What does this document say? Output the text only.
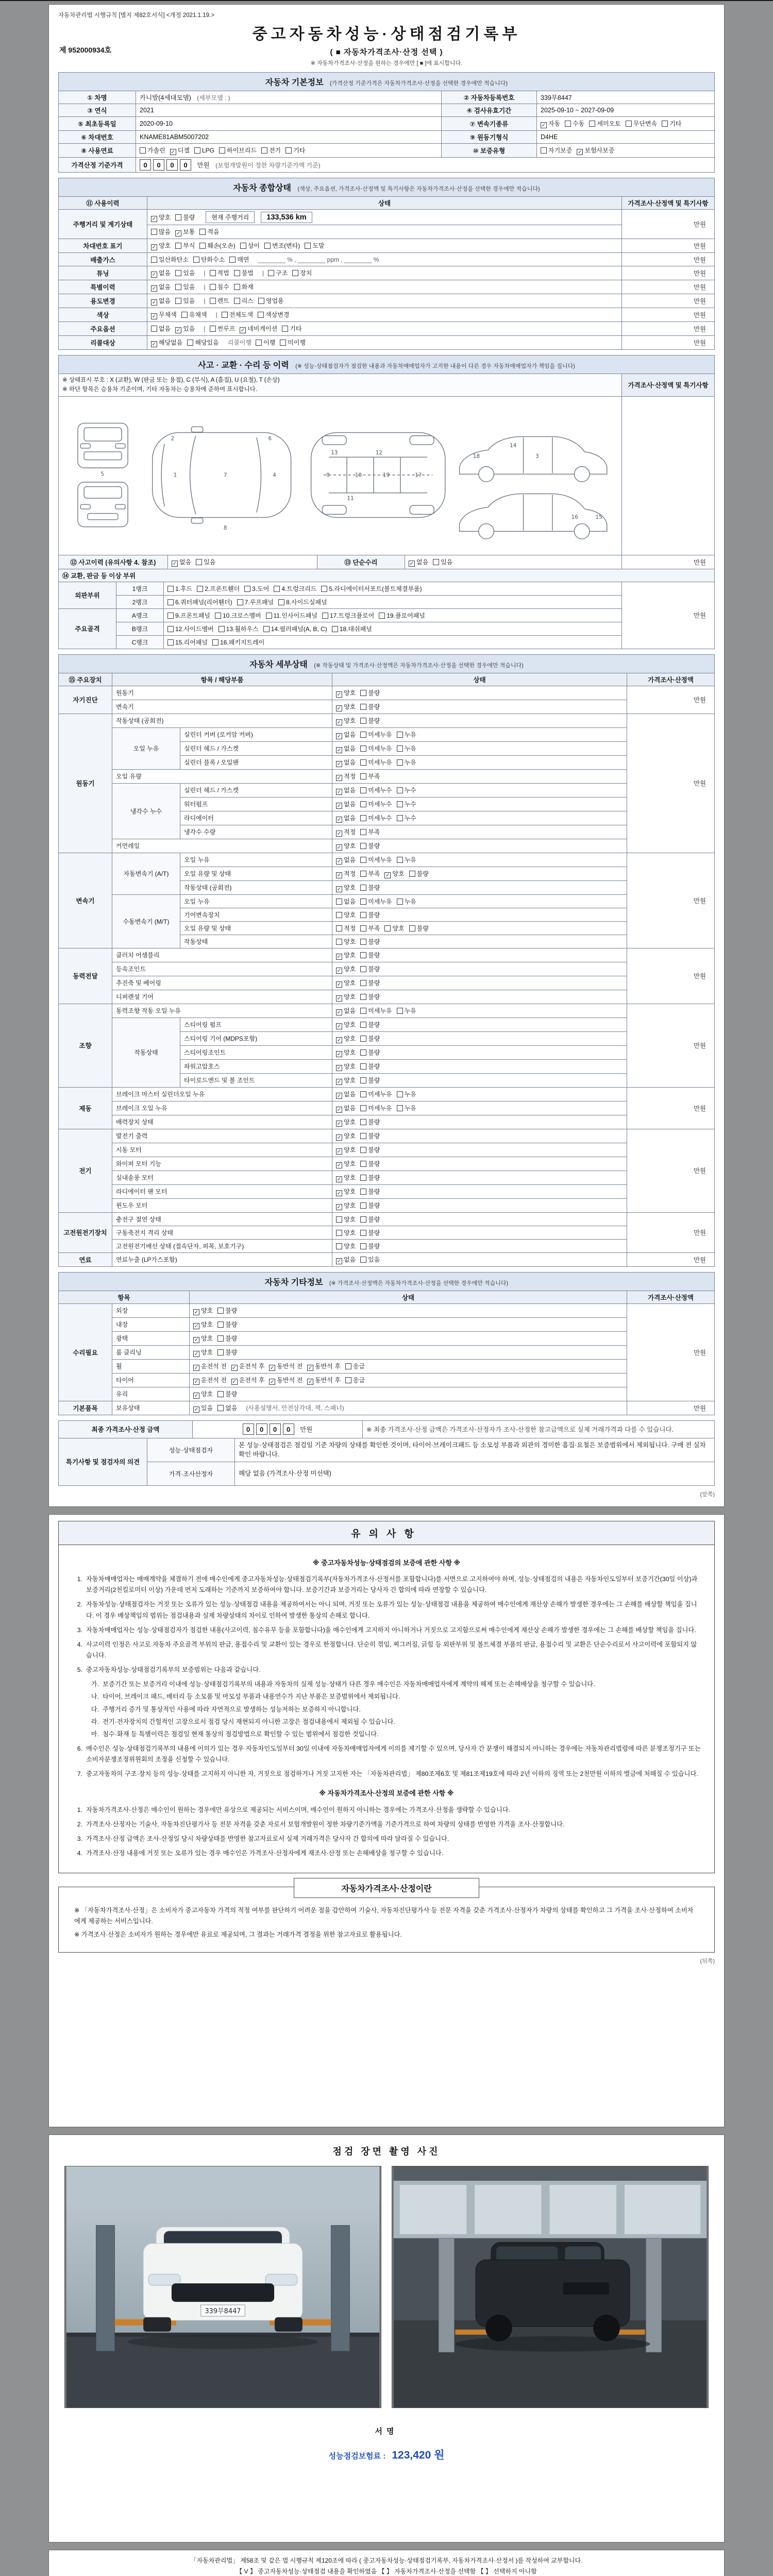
자동차관리법 시행규칙 [별지 제82호서식] <개정 2021.1.19.>
제 952000934호
중고자동차성능·상태점검기록부
( ■ 자동차가격조사·산정 선택 )
※ 자동차가격조사·산정을 원하는 경우에만 [ ■ ]에 표시합니다.
자동차 기본정보 (가격산정 기준가격은 자동차가격조사·산정을 선택한 경우에만 적습니다)
① 차명	카니발(4세대모델) (세부모델 : )	② 자동차등록번호	339무8447
③ 연식	2021	④ 검사유효기간	2025-09-10 ~ 2027-09-09
⑤ 최초등록일	2020-09-10	⑦ 변속기종류	✓자동 수동 세미오토 무단변속 기타
⑥ 차대번호	KNAME81ABM5007202	⑨ 원동기형식	D4HE
⑧ 사용연료	가솔린 ✓ 디젤 LPG 하이브리드 전기 기타	⑩ 보증유형	자기보증 ✓ 보험사보증
가격산정 기준가격	0 0 0 0 만원 (보험개발원이 정한 차량기준가액 기준)		
자동차 종합상태 (색상, 주요옵션, 가격조사·산정액 및 특기사항은 자동차가격조사·산정을 선택한 경우에만 적습니다)
⑪ 사용이력	상태	가격조사·산정액 및 특기사항
주행거리 및 계기상태	✓양호 불량 현재 주행거리 133,536 km	만원
	많음 ✓ 보통 적음
차대번호 표기	✓양호 부식 훼손(오손) 상이 변조(변타) 도말	만원
배출가스	일산화탄소 탄화수소 매연 ________ % , ________ ppm , ________ %	만원
튜닝	✓없음 있음 | 적법 불법 | 구조 장치	만원
특별이력	✓없음 있음 | 침수 화재	만원
용도변경	✓없음 있음 | 렌트 리스 영업용	만원
색상	✓무채색 유채색 | 전체도색 색상변경	만원
주요옵션	없음 ✓ 있음 | 썬루프 ✓ 네비게이션 기타	만원
리콜대상	✓해당없음 해당있음 리콜이행 이행 미이행	만원
사고 · 교환 · 수리 등 이력 (※ 성능·상태점검자가 점검한 내용과 자동차매매업자가 고지한 내용이 다른 경우 자동차매매업자가 책임을 집니다)
※ 상태표시 부호 : X (교환), W (판금 또는 용접), C (부식), A (흠집), U (요철), T (손상)
※ 하단 항목은 승용차 기준이며, 기타 자동차는 승용차에 준하여 표시합니다.				가격조사·산정액 및 특기사항

5	1
2	6
7	4
8
9	10	19	17
12
13
11
14
3
18
15
16

⑫ 사고이력 (유의사항 4. 참조)	✓없음 있음	⑬ 단순수리	✓없음 있음	만원
⑭ 교환, 판금 등 이상 부위			
외판부위	1랭크	1.후드 2.프론트휀더 3.도어 4.트렁크리드 5.라디에이터서포트(볼트체결부품)	만원
	2랭크	6.쿼터패널(리어휀더) 7.루프패널 8.사이드실패널	
주요골격	A랭크	9.프론트패널 10.크로스멤버 11.인사이드패널 17.트렁크플로어 19.플로어패널	
	B랭크	12.사이드멤버 13.휠하우스 14.필러패널(A, B, C) 18.대쉬패널	
	C랭크	15.리어패널 16.패키지트레이	
자동차 세부상태 (※ 작동상태 및 가격조사·산정액은 자동차가격조사·산정을 선택한 경우에만 적습니다)
⑮ 주요장치	항목 / 해당부품		상태	가격조사·산정액
자기진단	원동기	✓양호 불량	만원
	변속기	✓양호 불량
원동기	작동상태 (공회전)	✓양호 불량	만원
	오일 누유	실린더 커버 (로커암 커버)	✓없음 미세누유 누유
		실린더 헤드 / 가스켓	✓없음 미세누유 누유
		실린더 블록 / 오일팬	✓없음 미세누유 누유
	오일 유량	✓적정 부족
	냉각수 누수	실린더 헤드 / 가스켓	✓없음 미세누수 누수
		워터펌프	✓없음 미세누수 누수
		라디에이터	✓없음 미세누수 누수
		냉각수 수량	✓적정 부족
	커먼레일	✓양호 불량
변속기	자동변속기 (A/T)	오일 누유	✓없음 미세누유 누유	만원
		오일 유량 및 상태	✓적정 부족 ✓ 양호 불량
		작동상태 (공회전)	✓양호 불량
	수동변속기 (M/T)	오일 누유	없음 미세누유 누유	
		기어변속장치	양호 불량	
		오일 유량 및 상태	적정 부족 양호 불량	
		작동상태	양호 불량	
동력전달	클러치 어셈블리	✓양호 불량	만원
	등속조인트	✓양호 불량
	추진축 및 베어링	✓양호 불량
	디퍼렌셜 기어	✓양호 불량
조향	동력조향 작동 오일 누유	✓없음 미세누유 누유	만원
	작동상태	스티어링 펌프	✓양호 불량
		스티어링 기어 (MDPS포함)	✓양호 불량
		스티어링조인트	✓양호 불량
		파워고압호스	✓양호 불량
		타이로드엔드 및 볼 조인트	✓양호 불량
제동	브레이크 마스터 실린더오일 누유	✓없음 미세누유 누유	만원
	브레이크 오일 누유	✓없음 미세누유 누유
	배력장치 상태	✓양호 불량
전기	발전기 출력	✓양호 불량	만원
	시동 모터	✓양호 불량
	와이퍼 모터 기능	✓양호 불량
	실내송풍 모터	✓양호 불량
	라디에이터 팬 모터	✓양호 불량
	윈도우 모터	✓양호 불량
고전원전기장치	충전구 절연 상태		양호 불량	만원
	구동축전지 격리 상태		양호 불량	
	고전원전기배선 상태 (접속단자, 피복, 보호기구)		양호 불량	
연료	연료누출 (LP가스포함)	✓없음 있음	만원
자동차 기타정보 (※ 가격조사·산정액은 자동차가격조사·산정을 선택한 경우에만 적습니다)
항목		상태	가격조사·산정액
수리필요	외장	✓양호 불량	만원
	내장	✓양호 불량
	광택	✓양호 불량
	룸 클리닝	✓양호 불량
	휠	✓운전석 전 ✓ 운전석 후 ✓ 동반석 전 ✓ 동반석 후 응급
	타이어	✓운전석 전 ✓ 운전석 후 ✓ 동반석 전 ✓ 동반석 후 응급
	유리	✓양호 불량
기본품목	보유상태	✓있음 없음 (사용설명서, 안전삼각대, 잭, 스패너)	만원
최종 가격조사·산정 금액	0 0 0 0 만원	※ 최종 가격조사·산정 금액은 가격조사·산정자가 조사·산정한 참고금액으로 실제 거래가격과 다를 수 있습니다.
특기사항 및 점검자의 의견	성능·상태점검자	본 성능·상태점검은 점검일 기준 차량의 상태를 확인한 것이며, 타이어·브레이크패드 등 소모성 부품과 외관의 경미한 흠집·요철은 보증범위에서 제외됩니다. 구매 전 실차 확인 바랍니다.
	가격·조사산정자	해당 없음 (가격조사·산정 미선택)
(앞쪽)
유의사항
※ 중고자동차성능·상태점검의 보증에 관한 사항 ※
1. 자동차매매업자는 매매계약을 체결하기 전에 매수인에게 중고자동차성능·상태점검기록부(자동차가격조사·산정서를 포함합니다)를 서면으로 고지하여야 하며, 성능·상태점검의 내용은 자동차인도일부터 보증기간(30일 이상)과 보증거리(2천킬로미터 이상) 가운데 먼저 도래하는 기준까지 보증하여야 합니다. 보증기간과 보증거리는 당사자 간 합의에 따라 연장할 수 있습니다.
2. 자동차성능·상태점검자는 거짓 또는 오류가 있는 성능·상태점검 내용을 제공하여서는 아니 되며, 거짓 또는 오류가 있는 성능·상태점검 내용을 제공하여 매수인에게 재산상 손해가 발생한 경우에는 그 손해를 배상할 책임을 집니다. 이 경우 배상책임의 범위는 점검내용과 실제 차량상태의 차이로 인하여 발생한 통상의 손해로 합니다.
3. 자동차매매업자는 성능·상태점검자가 점검한 내용(사고이력, 침수유무 등을 포함합니다)을 매수인에게 고지하지 아니하거나 거짓으로 고지함으로써 매수인에게 재산상 손해가 발생한 경우에는 그 손해를 배상할 책임을 집니다.
4. 사고이력 인정은 사고로 자동차 주요골격 부위의 판금, 용접수리 및 교환이 있는 경우로 한정합니다. 단순히 꺾임, 찌그러짐, 긁힘 등 외판부위 및 볼트체결 부품의 판금, 용접수리 및 교환은 단순수리로서 사고이력에 포함되지 않습니다.
5. 중고자동차성능·상태점검기록부의 보증범위는 다음과 같습니다.
가. 보증기간 또는 보증거리 이내에 성능·상태점검기록부의 내용과 자동차의 실제 성능·상태가 다른 경우 매수인은 자동차매매업자에게 계약의 해제 또는 손해배상을 청구할 수 있습니다.
나. 타이어, 브레이크 패드, 배터리 등 소모품 및 마모성 부품과 내용연수가 지난 부품은 보증범위에서 제외됩니다.
다. 주행거리 증가 및 통상적인 사용에 따라 자연적으로 발생하는 성능저하는 보증하지 아니합니다.
라. 전기·전자장치의 간헐적인 고장으로서 점검 당시 재현되지 아니한 고장은 점검내용에서 제외될 수 있습니다.
마. 침수·화재 등 특별이력은 점검일 현재 통상의 점검방법으로 확인할 수 있는 범위에서 점검한 것입니다.
6. 매수인은 성능·상태점검기록부의 내용에 이의가 있는 경우 자동차인도일부터 30일 이내에 자동차매매업자에게 이의를 제기할 수 있으며, 당사자 간 분쟁이 해결되지 아니하는 경우에는 자동차관리법령에 따른 분쟁조정기구 또는 소비자분쟁조정위원회의 조정을 신청할 수 있습니다.
7. 중고자동차의 구조·장치 등의 성능·상태를 고지하지 아니한 자, 거짓으로 점검하거나 거짓 고지한 자는 「자동차관리법」 제80조제6호 및 제81조제19호에 따라 2년 이하의 징역 또는 2천만원 이하의 벌금에 처해질 수 있습니다.
※ 자동차가격조사·산정의 보증에 관한 사항 ※
1. 자동차가격조사·산정은 매수인이 원하는 경우에만 유상으로 제공되는 서비스이며, 매수인이 원하지 아니하는 경우에는 가격조사·산정을 생략할 수 있습니다.
2. 가격조사·산정자는 기술사, 자동차진단평가사 등 전문 자격을 갖춘 자로서 보험개발원이 정한 차량기준가액을 기준가격으로 하여 차량의 상태를 반영한 가격을 조사·산정합니다.
3. 가격조사·산정 금액은 조사·산정일 당시 차량상태를 반영한 참고자료로서 실제 거래가격은 당사자 간 합의에 따라 달라질 수 있습니다.
4. 가격조사·산정 내용에 거짓 또는 오류가 있는 경우 매수인은 가격조사·산정자에게 재조사·산정 또는 손해배상을 청구할 수 있습니다.
자동차가격조사·산정이란
※ 「자동차가격조사·산정」은 소비자가 중고자동차 가격의 적정 여부를 판단하기 어려운 점을 감안하여 기술사, 자동차진단평가사 등 전문 자격을 갖춘 가격조사·산정자가 차량의 상태를 확인하고 그 가격을 조사·산정하여 소비자에게 제공하는 서비스입니다.
※ 가격조사·산정은 소비자가 원하는 경우에만 유료로 제공되며, 그 결과는 거래가격 결정을 위한 참고자료로 활용됩니다.
(뒤쪽)
점검 장면 촬영 사진
339무8447
서명
성능점검보험료 : 123,420 원
「자동차관리법」 제58조 및 같은 법 시행규칙 제120조에 따라 ( 중고자동차성능·상태점검기록부, 자동차가격조사·산정서 )를 작성하여 교부합니다.
【 V 】 중고자동차성능·상태점검 내용을 확인하였음 【 】 자동차가격조사·산정을 선택함 【 】 선택하지 아니함
